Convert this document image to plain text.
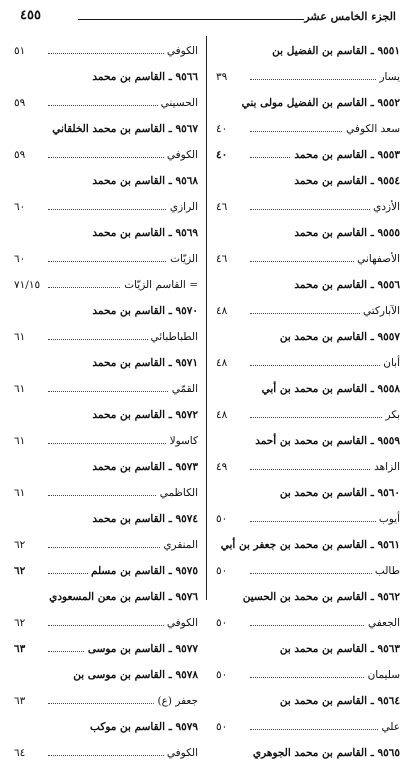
الجزء الخامس عشر
٤٥٥
٩٥٥١ ـ القاسم بن الفضيل بن
٣٩	يسار
٩٥٥٢ ـ القاسم بن الفضيل مولى بني
٤٠	سعد الكوفي
٤٠	٩٥٥٣ ـ القاسم بن محمد
٩٥٥٤ ـ القاسم بن محمد
٤٦	الأزدي
٩٥٥٥ ـ القاسم بن محمد
٤٦	الأصفهاني
٩٥٥٦ ـ القاسم بن محمد
٤٨	الآباركتي
٩٥٥٧ ـ القاسم بن محمد بن
٤٨	أبان
٩٥٥٨ ـ القاسم بن محمد بن أبي
٤٨	بكر
٩٥٥٩ ـ القاسم بن محمد بن أحمد
٤٩	الزاهد
٩٥٦٠ ـ القاسم بن محمد بن
٥٠	أيوب
٩٥٦١ ـ القاسم بن محمد بن جعفر بن أبي
٥٠	طالب
٩٥٦٢ ـ القاسم بن محمد بن الحسين
٥٠	الجعفي
٩٥٦٣ ـ القاسم بن محمد بن
٥٠	سليمان
٩٥٦٤ ـ القاسم بن محمد بن
٥٠	علي
٩٥٦٥ ـ القاسم بن محمد الجوهري
٥١	الكوفي
٩٥٦٦ ـ القاسم بن محمد
٥٩	الحسيني
٩٥٦٧ ـ القاسم بن محمد الخلقاني
٥٩	الكوفي
٩٥٦٨ ـ القاسم بن محمد
٦٠	الرازي
٩٥٦٩ ـ القاسم بن محمد
٦٠	الزيّات
٧١/١٥	= القاسم الزيّات
٩٥٧٠ ـ القاسم بن محمد
٦١	الطباطبائي
٩٥٧١ ـ القاسم بن محمد
٦١	القمّي
٩٥٧٢ ـ القاسم بن محمد
٦١	كاسولا
٩٥٧٣ ـ القاسم بن محمد
٦١	الكاظمي
٩٥٧٤ ـ القاسم بن محمد
٦٢	المنقري
٦٢	٩٥٧٥ ـ القاسم بن مسلم
٩٥٧٦ ـ القاسم بن معن المسعودي
٦٢	الكوفي
٦٣	٩٥٧٧ ـ القاسم بن موسى
٩٥٧٨ ـ القاسم بن موسى بن
٦٣	جعفر (ع)
٩٥٧٩ ـ القاسم بن موكب
٦٤	الكوفي
